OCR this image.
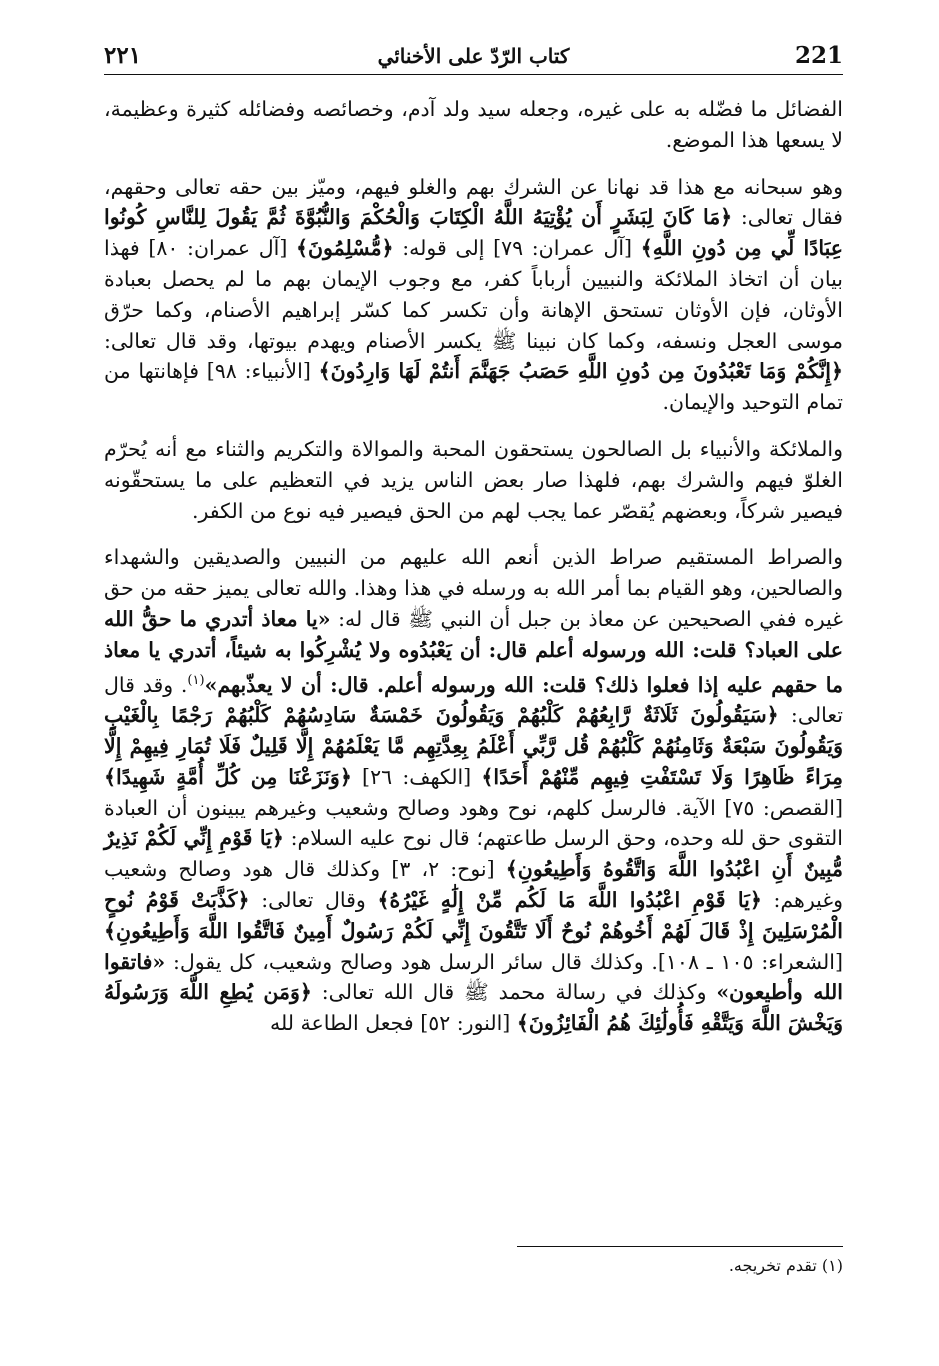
٢٢١	كتاب الرّدّ على الأخنائي	221

الفضائل ما فضّله به على غيره، وجعله سيد ولد آدم، وخصائصه وفضائله كثيرة وعظيمة، لا يسعها هذا الموضع.

وهو سبحانه مع هذا قد نهانا عن الشرك بهم والغلو فيهم، وميّز بين حقه تعالى وحقهم، فقال تعالى: ﴿مَا كَانَ لِبَشَرٍ أَن يُؤْتِيَهُ اللَّهُ الْكِتَابَ وَالْحُكْمَ وَالنُّبُوَّةَ ثُمَّ يَقُولَ لِلنَّاسِ كُونُوا عِبَادًا لِّي مِن دُونِ اللَّهِ﴾ [آل عمران: ٧٩] إلى قوله: ﴿مُّسْلِمُونَ﴾ [آل عمران: ٨٠] فهذا بيان أن اتخاذ الملائكة والنبيين أرباباً كفر، مع وجوب الإيمان بهم ما لم يحصل بعبادة الأوثان، فإن الأوثان تستحق الإهانة وأن تكسر كما كسّر إبراهيم الأصنام، وكما حرّق موسى العجل ونسفه، وكما كان نبينا ﷺ يكسر الأصنام ويهدم بيوتها، وقد قال تعالى: ﴿إِنَّكُمْ وَمَا تَعْبُدُونَ مِن دُونِ اللَّهِ حَصَبُ جَهَنَّمَ أَنتُمْ لَهَا وَارِدُونَ﴾ [الأنبياء: ٩٨] فإهانتها من تمام التوحيد والإيمان.

والملائكة والأنبياء بل الصالحون يستحقون المحبة والموالاة والتكريم والثناء مع أنه يُحرّم الغلوّ فيهم والشرك بهم، فلهذا صار بعض الناس يزيد في التعظيم على ما يستحقّونه فيصير شركاً، وبعضهم يُقصّر عما يجب لهم من الحق فيصير فيه نوع من الكفر.

والصراط المستقيم صراط الذين أنعم الله عليهم من النبيين والصديقين والشهداء والصالحين، وهو القيام بما أمر الله به ورسله في هذا وهذا. والله تعالى يميز حقه من حق غيره ففي الصحيحين عن معاذ بن جبل أن النبي ﷺ قال له: «يا معاذ أتدري ما حقُّ الله على العباد؟ قلت: الله ورسوله أعلم قال: أن يَعْبُدُوه ولا يُشْرِكُوا به شيئاً، أتدري يا معاذ ما حقهم عليه إذا فعلوا ذلك؟ قلت: الله ورسوله أعلم. قال: أن لا يعذّبهم»$^{(١)}$. وقد قال تعالى: ﴿سَيَقُولُونَ ثَلَاثَةٌ رَّابِعُهُمْ كَلْبُهُمْ وَيَقُولُونَ خَمْسَةٌ سَادِسُهُمْ كَلْبُهُمْ رَجْمًا بِالْغَيْبِ وَيَقُولُونَ سَبْعَةٌ وَثَامِنُهُمْ كَلْبُهُمْ قُل رَّبِّي أَعْلَمُ بِعِدَّتِهِم مَّا يَعْلَمُهُمْ إِلَّا قَلِيلٌ فَلَا تُمَارِ فِيهِمْ إِلَّا مِرَاءً ظَاهِرًا وَلَا تَسْتَفْتِ فِيهِم مِّنْهُمْ أَحَدًا﴾ [الكهف: ٢٦] ﴿وَنَزَعْنَا مِن كُلِّ أُمَّةٍ شَهِيدًا﴾ [القصص: ٧٥] الآية. فالرسل كلهم، نوح وهود وصالح وشعيب وغيرهم يبينون أن العبادة التقوى حق لله وحده، وحق الرسل طاعتهم؛ قال نوح عليه السلام: ﴿يَا قَوْمِ إِنِّي لَكُمْ نَذِيرٌ مُّبِينٌ أَنِ اعْبُدُوا اللَّهَ وَاتَّقُوهُ وَأَطِيعُونِ﴾ [نوح: ٢، ٣] وكذلك قال هود وصالح وشعيب وغيرهم: ﴿يَا قَوْمِ اعْبُدُوا اللَّهَ مَا لَكُم مِّنْ إِلَٰهٍ غَيْرُهُ﴾ وقال تعالى: ﴿كَذَّبَتْ قَوْمُ نُوحٍ الْمُرْسَلِينَ إِذْ قَالَ لَهُمْ أَخُوهُمْ نُوحٌ أَلَا تَتَّقُونَ إِنِّي لَكُمْ رَسُولٌ أَمِينٌ فَاتَّقُوا اللَّهَ وَأَطِيعُونِ﴾ [الشعراء: ١٠٥ ـ ١٠٨]. وكذلك قال سائر الرسل هود وصالح وشعيب، كل يقول: «فاتقوا الله وأطيعون» وكذلك في رسالة محمد ﷺ قال الله تعالى: ﴿وَمَن يُطِعِ اللَّهَ وَرَسُولَهُ وَيَخْشَ اللَّهَ وَيَتَّقْهِ فَأُولَٰئِكَ هُمُ الْفَائِزُونَ﴾ [النور: ٥٢] فجعل الطاعة لله

(١) تقدم تخريجه.
